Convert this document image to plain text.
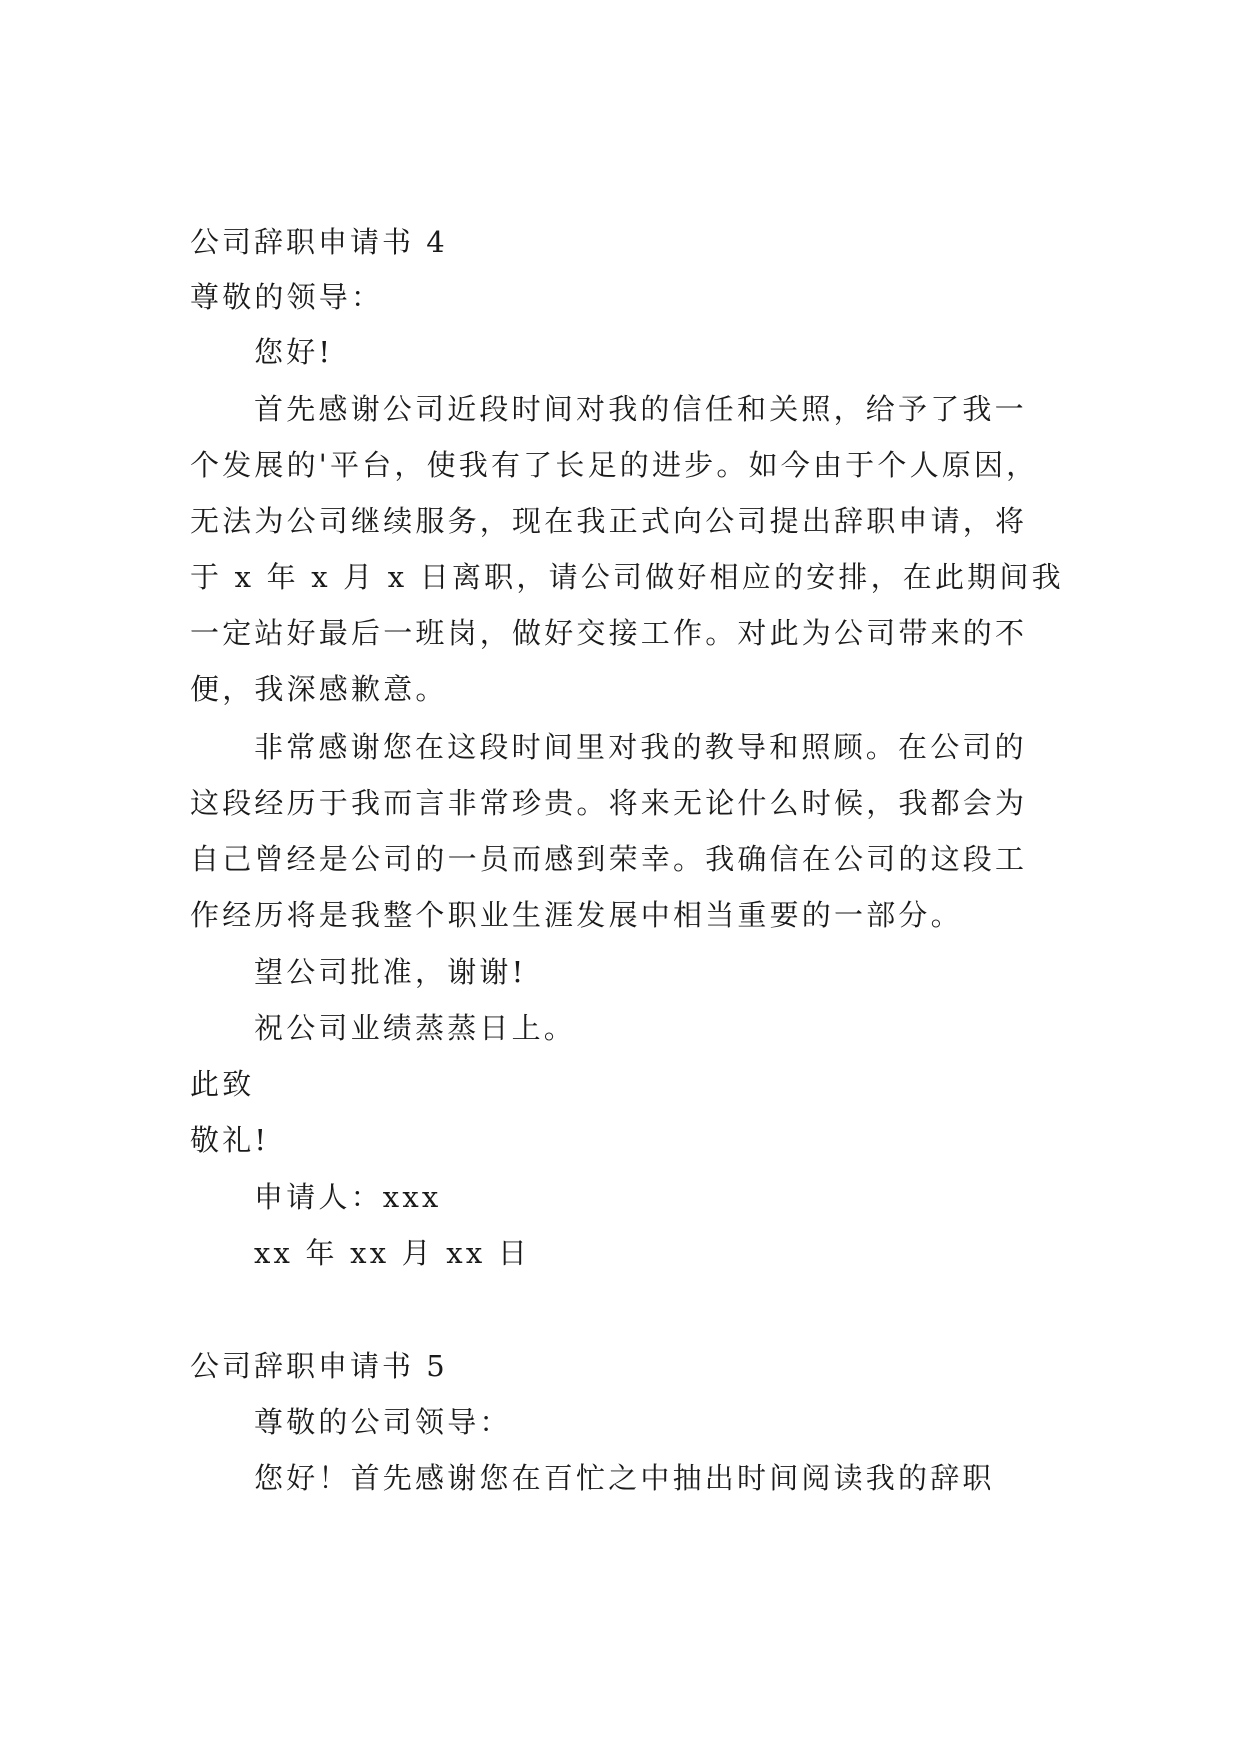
公司辞职申请书 4
尊敬的领导：
您好!
首先感谢公司近段时间对我的信任和关照，给予了我一
个发展的'平台，使我有了长足的进步。如今由于个人原因，
无法为公司继续服务，现在我正式向公司提出辞职申请，将
于 x 年 x 月 x 日离职，请公司做好相应的安排，在此期间我
一定站好最后一班岗，做好交接工作。对此为公司带来的不
便，我深感歉意。
非常感谢您在这段时间里对我的教导和照顾。在公司的
这段经历于我而言非常珍贵。将来无论什么时候，我都会为
自己曾经是公司的一员而感到荣幸。我确信在公司的这段工
作经历将是我整个职业生涯发展中相当重要的一部分。
望公司批准，谢谢!
祝公司业绩蒸蒸日上。
此致
敬礼!
申请人：xxx
xx 年 xx 月 xx 日
公司辞职申请书 5
尊敬的公司领导：
您好！首先感谢您在百忙之中抽出时间阅读我的辞职
